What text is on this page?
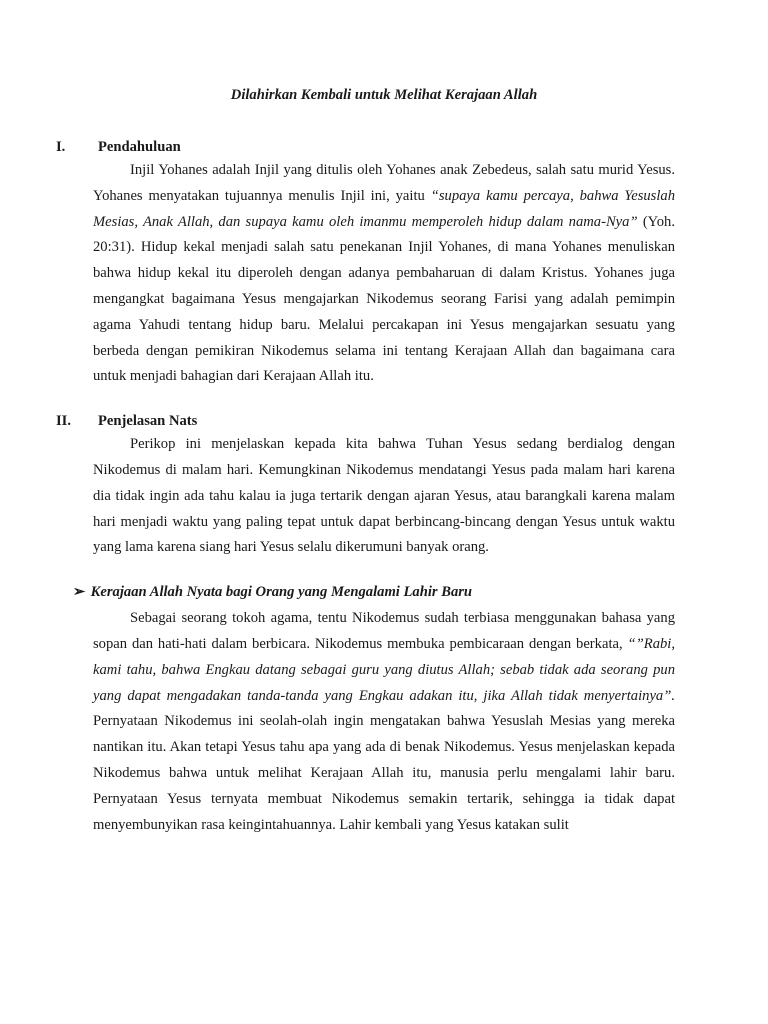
Dilahirkan Kembali untuk Melihat Kerajaan Allah

I. Pendahuluan

Injil Yohanes adalah Injil yang ditulis oleh Yohanes anak Zebedeus, salah satu murid Yesus. Yohanes menyatakan tujuannya menulis Injil ini, yaitu “supaya kamu percaya, bahwa Yesuslah Mesias, Anak Allah, dan supaya kamu oleh imanmu memperoleh hidup dalam nama-Nya” (Yoh. 20:31). Hidup kekal menjadi salah satu penekanan Injil Yohanes, di mana Yohanes menuliskan bahwa hidup kekal itu diperoleh dengan adanya pembaharuan di dalam Kristus. Yohanes juga mengangkat bagaimana Yesus mengajarkan Nikodemus seorang Farisi yang adalah pemimpin agama Yahudi tentang hidup baru. Melalui percakapan ini Yesus mengajarkan sesuatu yang berbeda dengan pemikiran Nikodemus selama ini tentang Kerajaan Allah dan bagaimana cara untuk menjadi bahagian dari Kerajaan Allah itu.

II. Penjelasan Nats

Perikop ini menjelaskan kepada kita bahwa Tuhan Yesus sedang berdialog dengan Nikodemus di malam hari. Kemungkinan Nikodemus mendatangi Yesus pada malam hari karena dia tidak ingin ada tahu kalau ia juga tertarik dengan ajaran Yesus, atau barangkali karena malam hari menjadi waktu yang paling tepat untuk dapat berbincang-bincang dengan Yesus untuk waktu yang lama karena siang hari Yesus selalu dikerumuni banyak orang.

➢ Kerajaan Allah Nyata bagi Orang yang Mengalami Lahir Baru

Sebagai seorang tokoh agama, tentu Nikodemus sudah terbiasa menggunakan bahasa yang sopan dan hati-hati dalam berbicara. Nikodemus membuka pembicaraan dengan berkata, “”Rabi, kami tahu, bahwa Engkau datang sebagai guru yang diutus Allah; sebab tidak ada seorang pun yang dapat mengadakan tanda-tanda yang Engkau adakan itu, jika Allah tidak menyertainya”. Pernyataan Nikodemus ini seolah-olah ingin mengatakan bahwa Yesuslah Mesias yang mereka nantikan itu. Akan tetapi Yesus tahu apa yang ada di benak Nikodemus. Yesus menjelaskan kepada Nikodemus bahwa untuk melihat Kerajaan Allah itu, manusia perlu mengalami lahir baru. Pernyataan Yesus ternyata membuat Nikodemus semakin tertarik, sehingga ia tidak dapat menyembunyikan rasa keingintahuannya. Lahir kembali yang Yesus katakan sulit
